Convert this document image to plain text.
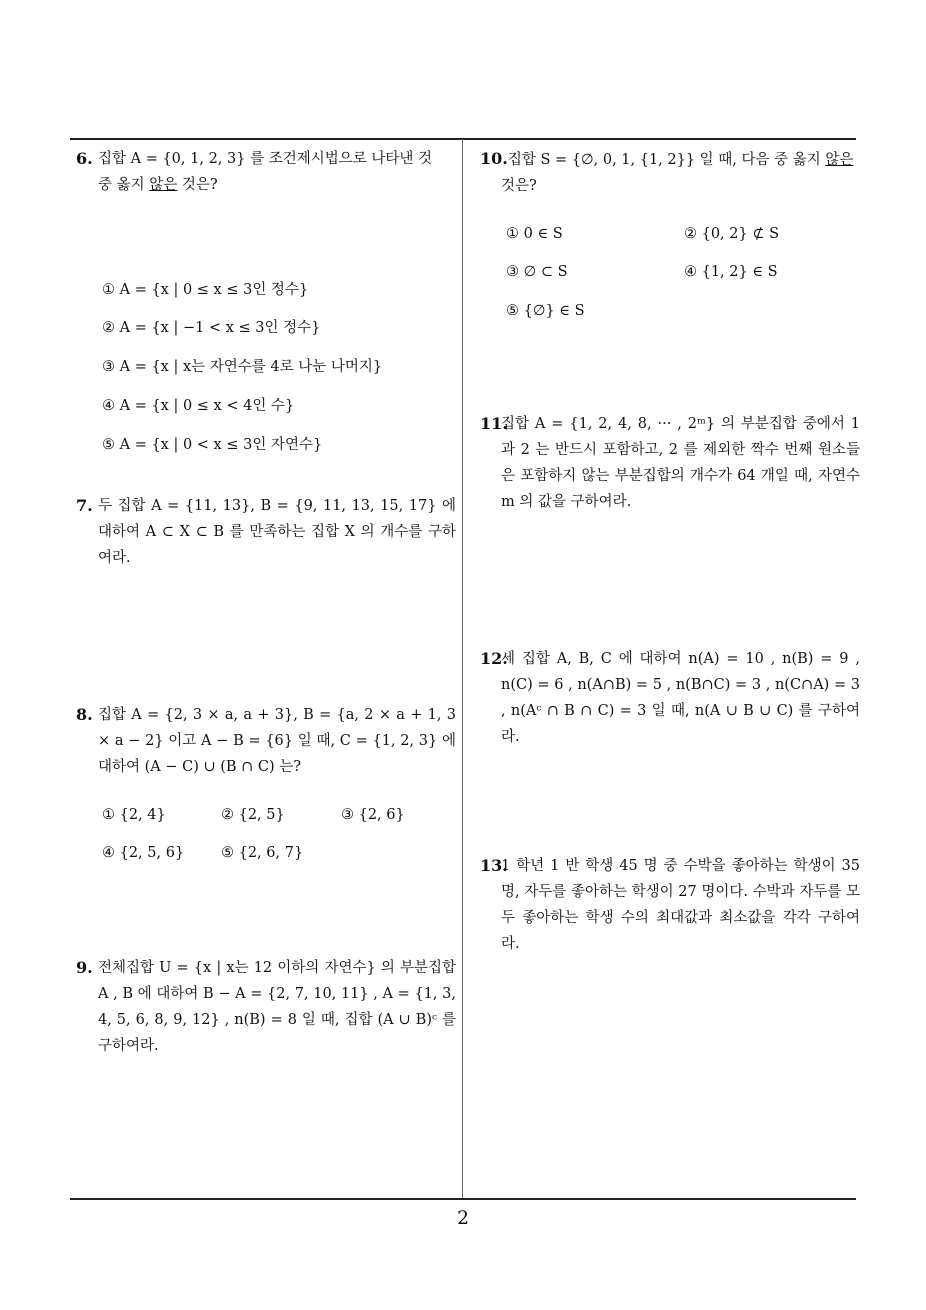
6. 집합 A = {0, 1, 2, 3} 를 조건제시법으로 나타낸 것
중 옳지 않은 것은?
① A = {x | 0 ≤ x ≤ 3인 정수}
② A = {x | −1 < x ≤ 3인 정수}
③ A = {x | x는 자연수를 4로 나눈 나머지}
④ A = {x | 0 ≤ x < 4인 수}
⑤ A = {x | 0 < x ≤ 3인 자연수}
7. 두 집합 A = {11, 13}, B = {9, 11, 13, 15, 17} 에 대하여 A ⊂ X ⊂ B 를 만족하는 집합 X 의 개수를 구하여라.
8. 집합 A = {2, 3 × a, a + 3}, B = {a, 2 × a + 1, 3 × a − 2} 이고 A − B = {6} 일 때, C = {1, 2, 3} 에 대하여 (A − C) ∪ (B ∩ C) 는?
① {2, 4}	② {2, 5}	③ {2, 6}
④ {2, 5, 6}	⑤ {2, 6, 7}
9. 전체집합 U = {x | x는 12 이하의 자연수} 의 부분집합 A , B 에 대하여 B − A = {2, 7, 10, 11} , A = {1, 3, 4, 5, 6, 8, 9, 12} , n(B) = 8 일 때, 집합 (A ∪ B)ᶜ 를 구하여라.
10.집합 S = {∅, 0, 1, {1, 2}} 일 때, 다음 중 옳지 않은
것은?
① 0 ∈ S	② {0, 2} ⊄ S
③ ∅ ⊂ S	④ {1, 2} ∈ S
⑤ {∅} ∈ S
11.
집합 A = {1, 2, 4, 8, ··· , 2ᵐ} 의 부분집합 중에서 1 과 2 는 반드시 포함하고, 2 를 제외한 짝수 번째 원소들은 포함하지 않는 부분집합의 개수가 64 개일 때, 자연수 m 의 값을 구하여라.
12.
세 집합 A, B, C 에 대하여 n(A) = 10 , n(B) = 9 , n(C) = 6 , n(A∩B) = 5 , n(B∩C) = 3 , n(C∩A) = 3 , n(Aᶜ ∩ B ∩ C) = 3 일 때, n(A ∪ B ∪ C) 를 구하여라.
13.
1 학년 1 반 학생 45 명 중 수박을 좋아하는 학생이 35 명, 자두를 좋아하는 학생이 27 명이다. 수박과 자두를 모두 좋아하는 학생 수의 최대값과 최소값을 각각 구하여라.
2
